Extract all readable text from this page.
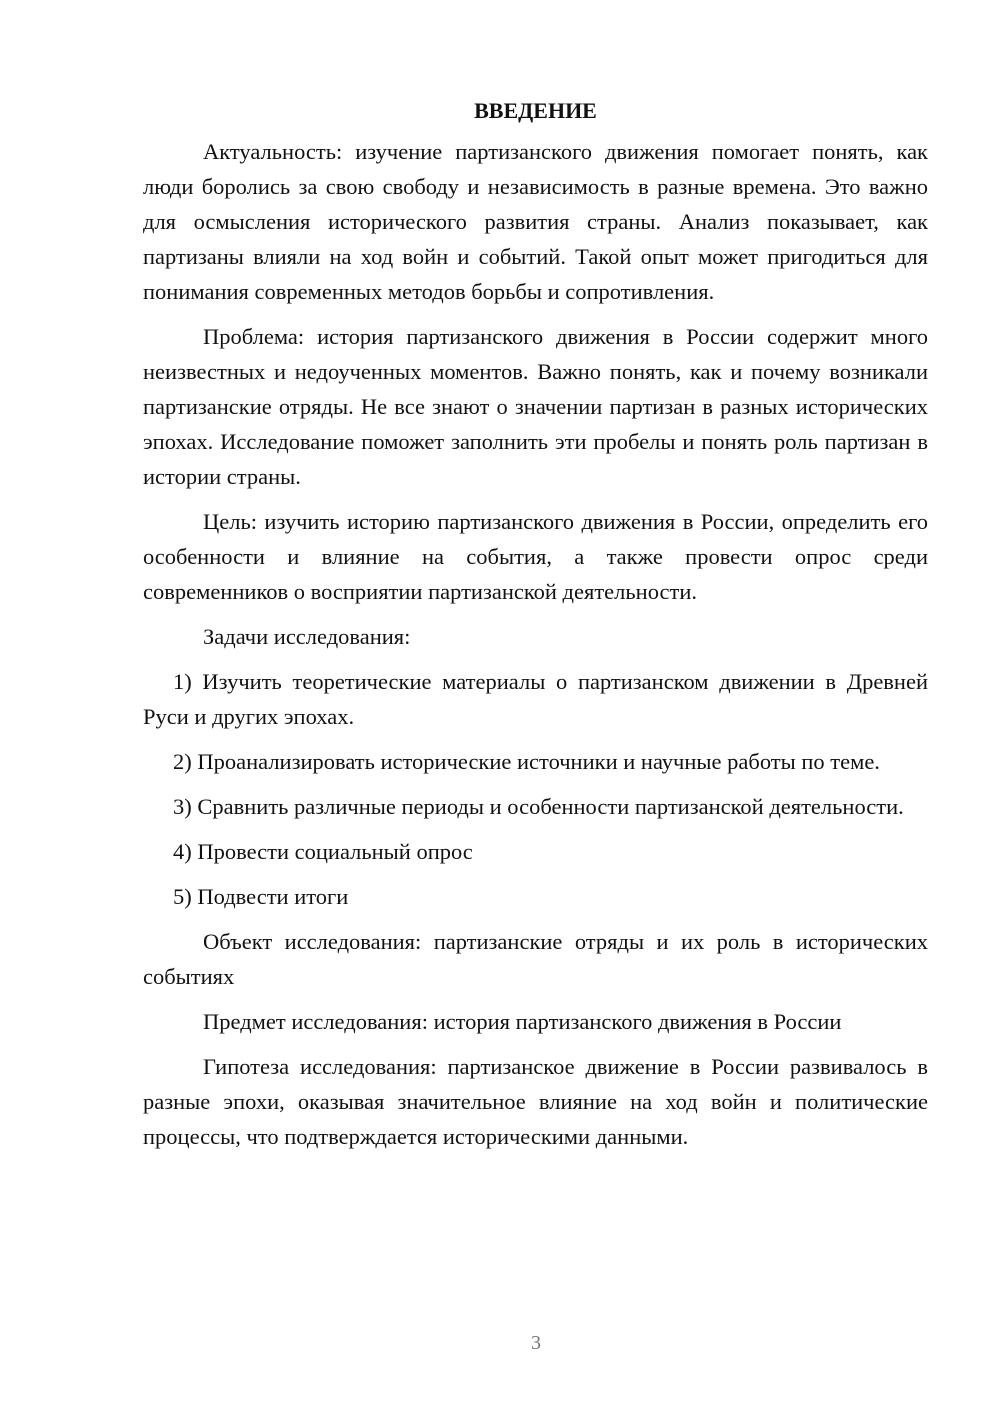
ВВЕДЕНИЕ

Актуальность: изучение партизанского движения помогает понять, как люди боролись за свою свободу и независимость в разные времена. Это важно для осмысления исторического развития страны. Анализ показывает, как партизаны влияли на ход войн и событий. Такой опыт может пригодиться для понимания современных методов борьбы и сопротивления.

Проблема: история партизанского движения в России содержит много неизвестных и недоученных моментов. Важно понять, как и почему возникали партизанские отряды. Не все знают о значении партизан в разных исторических эпохах. Исследование поможет заполнить эти пробелы и понять роль партизан в истории страны.

Цель: изучить историю партизанского движения в России, определить его особенности и влияние на события, а также провести опрос среди современников о восприятии партизанской деятельности.

Задачи исследования:

1) Изучить теоретические материалы о партизанском движении в Древней Руси и других эпохах.

2) Проанализировать исторические источники и научные работы по теме.

3) Сравнить различные периоды и особенности партизанской деятельности.

4) Провести социальный опрос

5) Подвести итоги

Объект исследования: партизанские отряды и их роль в исторических событиях

Предмет исследования: история партизанского движения в России

Гипотеза исследования: партизанское движение в России развивалось в разные эпохи, оказывая значительное влияние на ход войн и политические процессы, что подтверждается историческими данными.

3
